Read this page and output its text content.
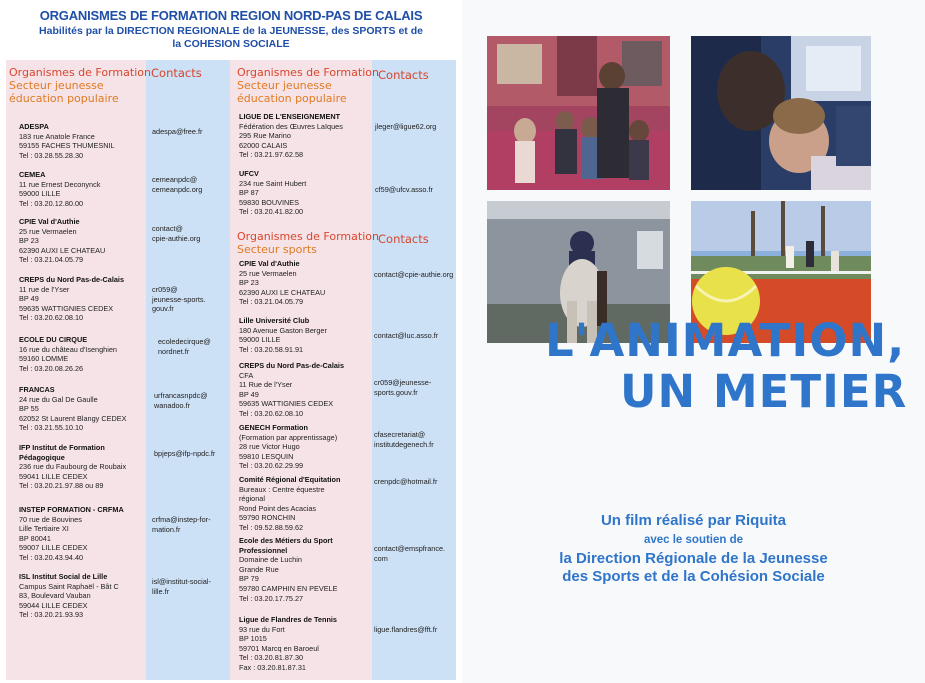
ORGANISMES DE FORMATION REGION NORD-PAS DE CALAIS
Habilités par la DIRECTION REGIONALE de la JEUNESSE, des SPORTS et de
la COHESION SOCIALE
Organismes de Formation
Secteur jeunesse
éducation populaire
Contacts	Organismes de Formation
Secteur jeunesse
éducation populaire
Contacts
Organismes de Formation
Secteur sports
Contacts
ADESPA
183 rue Anatole France
59155 FACHES THUMESNIL
Tel : 03.28.55.28.30
adespa@free.fr
CEMEA
11 rue Ernest Deconynck
59000 LILLE
Tel : 03.20.12.80.00
cemeanpdc@
cemeanpdc.org
CPIE Val d'Authie
25 rue Vermaelen
BP 23
62390 AUXI LE CHATEAU
Tel : 03.21.04.05.79
contact@
cpie-authie.org
CREPS du Nord Pas-de-Calais
11 rue de l'Yser
BP 49
59635 WATTIGNIES CEDEX
Tel : 03.20.62.08.10
cr059@
jeunesse-sports.
gouv.fr
ECOLE DU CIRQUE
16 rue du château d'Isenghien
59160 LOMME
Tel : 03.20.08.26.26
ecoledecirque@
nordnet.fr
FRANCAS
24 rue du Gal De Gaulle
BP 55
62052 St Laurent Blangy CEDEX
Tel : 03.21.55.10.10
urfrancasnpdc@
wanadoo.fr
IFP Institut de Formation
Pédagogique
236 rue du Faubourg de Roubaix
59041 LILLE CEDEX
Tel : 03.20.21.97.88 ou 89
bpjeps@ifp-npdc.fr
INSTEP FORMATION - CRFMA
70 rue de Bouvines
Lille Tertiaire XI
BP 80041
59007 LILLE CEDEX
Tel : 03.20.43.94.40
crfma@instep-for-
mation.fr
ISL Institut Social de Lille
Campus Saint Raphaël - Bât C
83, Boulevard Vauban
59044 LILLE CEDEX
Tel : 03.20.21.93.93
isl@institut-social-
lille.fr
LIGUE DE L'ENSEIGNEMENT
Fédération des Œuvres Laïques
295 Rue Marino
62000 CALAIS
Tel : 03.21.97.62.58
jleger@ligue62.org
UFCV
234 rue Saint Hubert
BP 87
59830 BOUVINES
Tel : 03.20.41.82.00
cf59@ufcv.asso.fr
CPIE Val d'Authie
25 rue Vermaelen
BP 23
62390 AUXI LE CHATEAU
Tel : 03.21.04.05.79
contact@cpie-authie.org
Lille Université Club
180 Avenue Gaston Berger
59000 LILLE
Tel : 03.20.58.91.91
contact@luc.asso.fr
CREPS du Nord Pas-de-Calais
CFA
11 Rue de l'Yser
BP 49
59635 WATTIGNIES CEDEX
Tel : 03.20.62.08.10
cr059@jeunesse-
sports.gouv.fr
GENECH Formation
(Formation par apprentissage)
28 rue Victor Hugo
59810 LESQUIN
Tel : 03.20.62.29.99
cfasecretariat@
institutdegenech.fr
Comité Régional d'Equitation
Bureaux : Centre équestre
régional
Rond Point des Acacias
59790 RONCHIN
Tel : 09.52.88.59.62
crenpdc@hotmail.fr
Ecole des Métiers du Sport
Professionnel
Domaine de Luchin
Grande Rue
BP 79
59780 CAMPHIN EN PEVELE
Tel : 03.20.17.75.27
contact@emspfrance.
com
Ligue de Flandres de Tennis
93 rue du Fort
BP 1015
59701 Marcq en Baroeul
Tel : 03.20.81.87.30
Fax : 03.20.81.87.31
ligue.flandres@fft.fr
L'ANIMATION,
UN METIER
Un film réalisé par Riquita
avec le soutien de
la Direction Régionale de la Jeunesse
des Sports et de la Cohésion Sociale
